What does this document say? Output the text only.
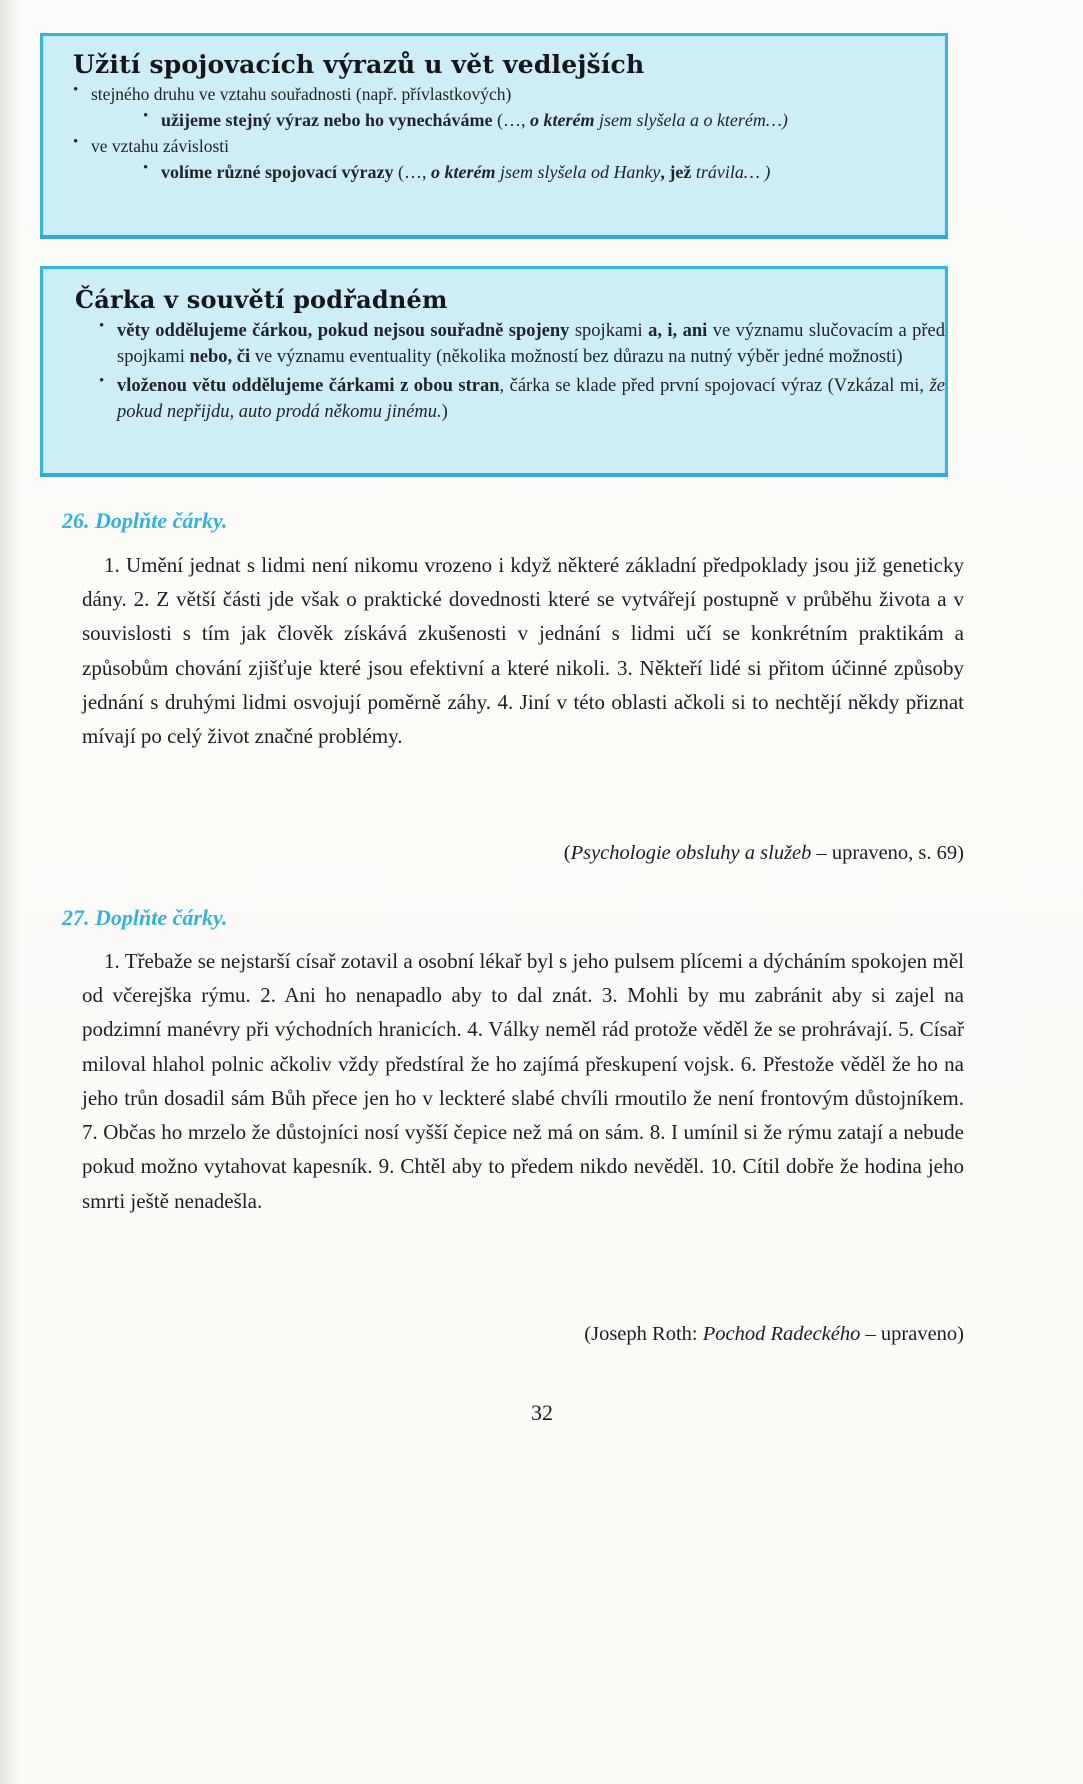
Užití spojovacích výrazů u vět vedlejších
• stejného druhu ve vztahu souřadnosti (např. přívlastkových)
• užijeme stejný výraz nebo ho vynecháváme (…, o kterém jsem slyšela a o kterém…)
• ve vztahu závislosti
• volíme různé spojovací výrazy (…, o kterém jsem slyšela od Hanky, jež trávila… )
Čárka v souvětí podřadném
• věty oddělujeme čárkou, pokud nejsou souřadně spojeny spojkami a, i, ani ve významu slučovacím a před spojkami nebo, či ve významu eventuality (několika možností bez důrazu na nutný výběr jedné možnosti)
• vloženou větu oddělujeme čárkami z obou stran, čárka se klade před první spojovací výraz (Vzkázal mi, že pokud nepřijdu, auto prodá někomu jinému.)
26. Doplňte čárky.
1. Umění jednat s lidmi není nikomu vrozeno i když některé základní předpoklady jsou již geneticky dány. 2. Z větší části jde však o praktické dovednosti které se vytvářejí postupně v průběhu života a v souvislosti s tím jak člověk získává zkušenosti v jednání s lidmi učí se konkrétním praktikám a způsobům chování zjišťuje které jsou efektivní a které nikoli. 3. Někteří lidé si přitom účinné způsoby jednání s druhými lidmi osvojují poměrně záhy. 4. Jiní v této oblasti ačkoli si to nechtějí někdy přiznat mívají po celý život značné problémy.
(Psychologie obsluhy a služeb – upraveno, s. 69)
27. Doplňte čárky.
1. Třebaže se nejstarší císař zotavil a osobní lékař byl s jeho pulsem plícemi a dýcháním spokojen měl od včerejška rýmu. 2. Ani ho nenapadlo aby to dal znát. 3. Mohli by mu zabránit aby si zajel na podzimní manévry při východních hranicích. 4. Války neměl rád protože věděl že se prohrávají. 5. Císař miloval hlahol polnic ačkoliv vždy předstíral že ho zajímá přeskupení vojsk. 6. Přestože věděl že ho na jeho trůn dosadil sám Bůh přece jen ho v leckteré slabé chvíli rmoutilo že není frontovým důstojníkem. 7. Občas ho mrzelo že důstojníci nosí vyšší čepice než má on sám. 8. I umínil si že rýmu zatají a nebude pokud možno vytahovat kapesník. 9. Chtěl aby to předem nikdo nevěděl. 10. Cítil dobře že hodina jeho smrti ještě nenadešla.
(Joseph Roth: Pochod Radeckého – upraveno)
32
